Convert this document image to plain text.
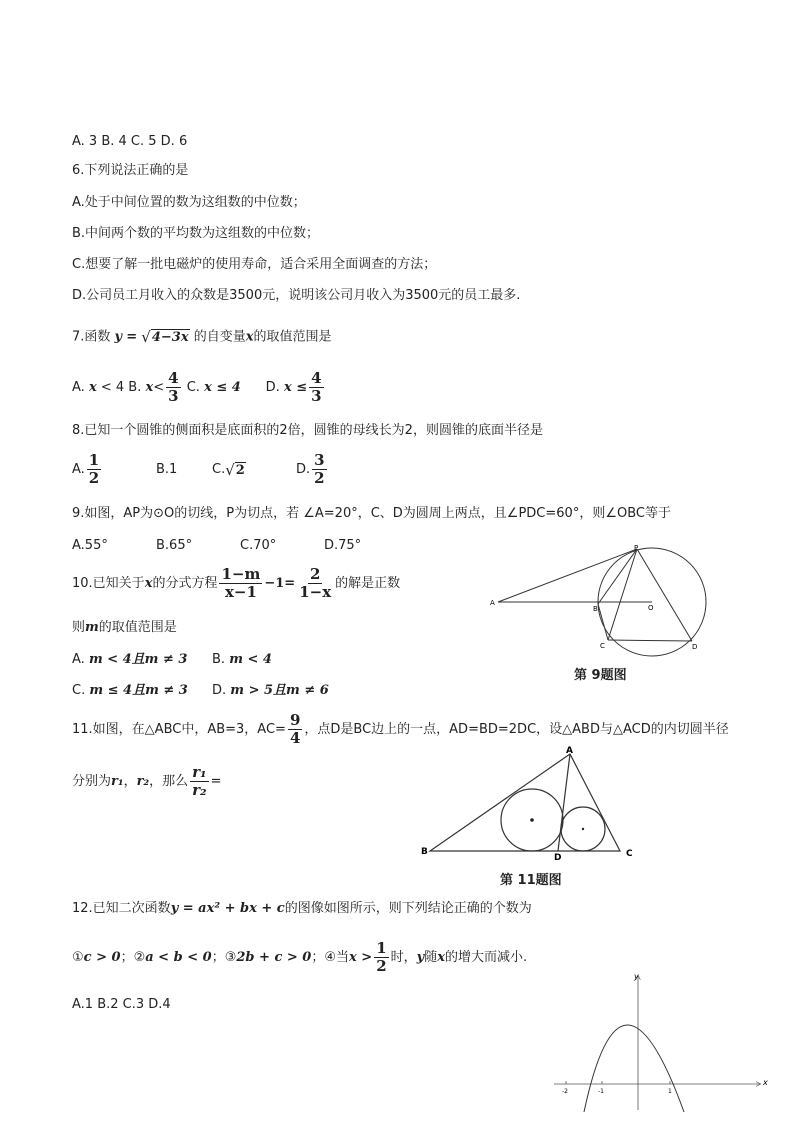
A. 3 B. 4 C. 5 D. 6
6.下列说法正确的是
A.处于中间位置的数为这组数的中位数；
B.中间两个数的平均数为这组数的中位数；
C.想要了解一批电磁炉的使用寿命，适合采用全面调查的方法；
D.公司员工月收入的众数是3500元，说明该公司月收入为3500元的员工最多.
7.函数 y = √ 4−3x 的自变量x的取值范围是
A. x < 4 B. $x< \frac{4}{3} C$. x ≤ 4 D. $x \le \frac{4}{3}$
8.已知一个圆锥的侧面积是底面积的2倍，圆锥的母线长为2，则圆锥的底面半径是
A. $\frac{1}{2}$	B.1	C. √ 2	D. $\frac{3}{2}$
9.如图，AP为⊙O的切线，P为切点，若 ∠A=20°，C、D为圆周上两点，且∠PDC=60°，则∠OBC等于
A.55°	B.65°	C.70°	D.75°
A
B
C	D
P
O
第 9题图
10.已知关于x的分式方程 $\frac{1-m}{x-1} -1= \frac{2}{1-x}$ 的解是正数
则m的取值范围是
A. m < 4且m ≠ 3 B. m < 4
C. m ≤ 4且m ≠ 3 D. m > 5且m ≠ 6
11.如图，在△ABC中，AB=3，$AC= \frac{9}{4}$ ，点D是BC边上的一点，AD=BD=2DC，设△ABD与△ACD的内切圆半径
分别为r₁，r₂，那么 $\frac{\text{r₁}}{\text{r₂}}$ =
A
B	C
D
第 11题图
12.已知二次函数y = ax² + bx + c的图像如图所示，则下列结论正确的个数为
①c > 0；②a < b < 0；③2b + c > 0；④当$x > \frac{1}{2}$ 时，y随x的增大而减小.
A.1 B.2 C.3 D.4
y
x
-2	-1	1
